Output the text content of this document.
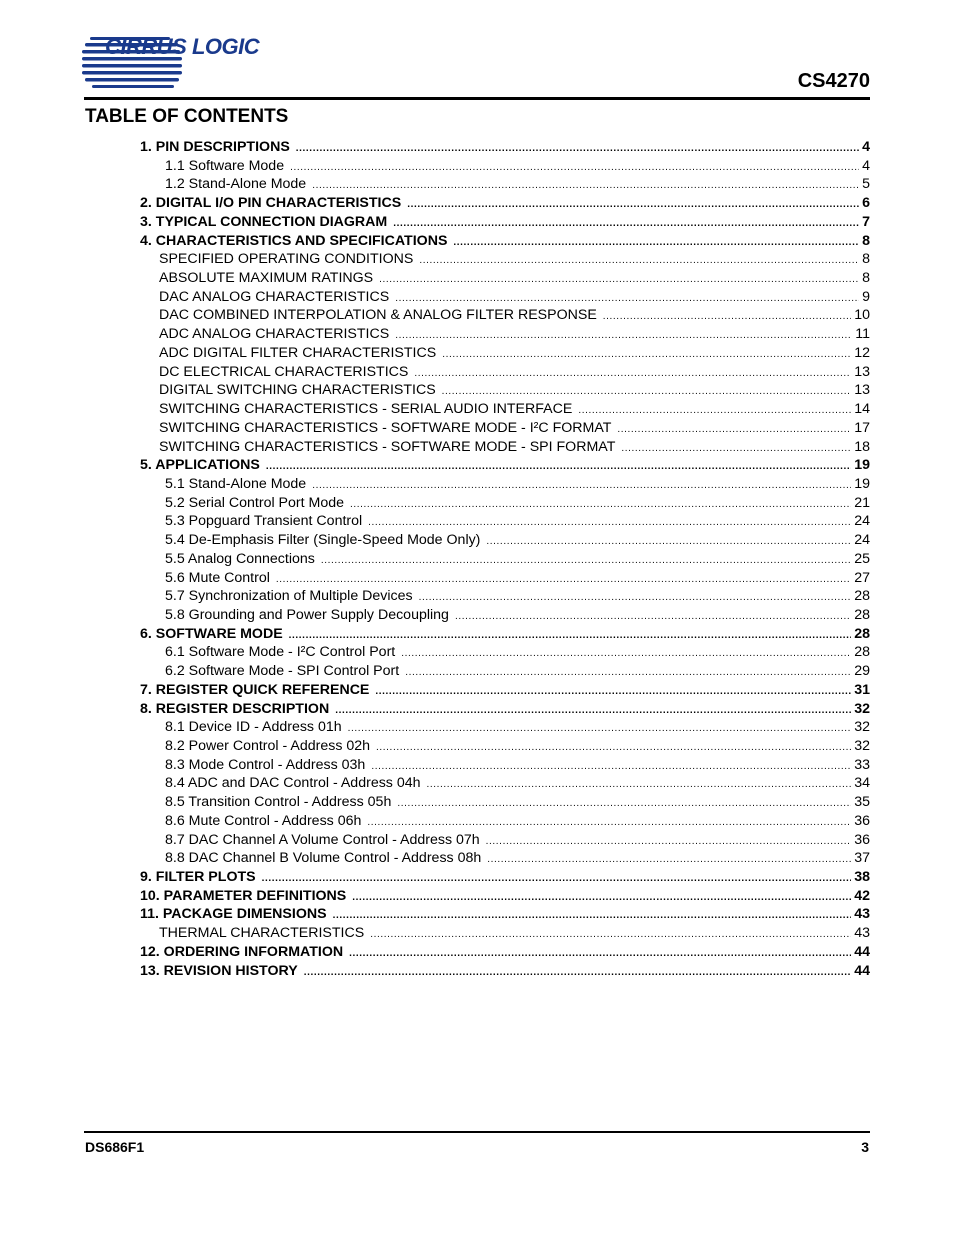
CIRRUS LOGIC
CS4270
TABLE OF CONTENTS
1. PIN DESCRIPTIONS .....	4
1.1 Software Mode .....	4
1.2 Stand-Alone Mode .....	5
2. DIGITAL I/O PIN CHARACTERISTICS .....	6
3. TYPICAL CONNECTION DIAGRAM .....	7
4. CHARACTERISTICS AND SPECIFICATIONS .....	8
SPECIFIED OPERATING CONDITIONS .....	8
ABSOLUTE MAXIMUM RATINGS .....	8
DAC ANALOG CHARACTERISTICS .....	9
DAC COMBINED INTERPOLATION & ANALOG FILTER RESPONSE .....	10
ADC ANALOG CHARACTERISTICS .....	11
ADC DIGITAL FILTER CHARACTERISTICS .....	12
DC ELECTRICAL CHARACTERISTICS .....	13
DIGITAL SWITCHING CHARACTERISTICS .....	13
SWITCHING CHARACTERISTICS - SERIAL AUDIO INTERFACE .....	14
SWITCHING CHARACTERISTICS - SOFTWARE MODE - I²C FORMAT .....	17
SWITCHING CHARACTERISTICS - SOFTWARE MODE - SPI FORMAT .....	18
5. APPLICATIONS .....	19
5.1 Stand-Alone Mode .....	19
5.2 Serial Control Port Mode .....	21
5.3 Popguard Transient Control .....	24
5.4 De-Emphasis Filter (Single-Speed Mode Only) .....	24
5.5 Analog Connections .....	25
5.6 Mute Control .....	27
5.7 Synchronization of Multiple Devices .....	28
5.8 Grounding and Power Supply Decoupling .....	28
6. SOFTWARE MODE .....	28
6.1 Software Mode - I²C Control Port .....	28
6.2 Software Mode - SPI Control Port .....	29
7. REGISTER QUICK REFERENCE .....	31
8. REGISTER DESCRIPTION .....	32
8.1 Device ID - Address 01h .....	32
8.2 Power Control - Address 02h .....	32
8.3 Mode Control - Address 03h .....	33
8.4 ADC and DAC Control - Address 04h .....	34
8.5 Transition Control - Address 05h .....	35
8.6 Mute Control - Address 06h .....	36
8.7 DAC Channel A Volume Control - Address 07h .....	36
8.8 DAC Channel B Volume Control - Address 08h .....	37
9. FILTER PLOTS .....	38
10. PARAMETER DEFINITIONS .....	42
11. PACKAGE DIMENSIONS .....	43
THERMAL CHARACTERISTICS .....	43
12. ORDERING INFORMATION .....	44
13. REVISION HISTORY .....	44
DS686F1	3
